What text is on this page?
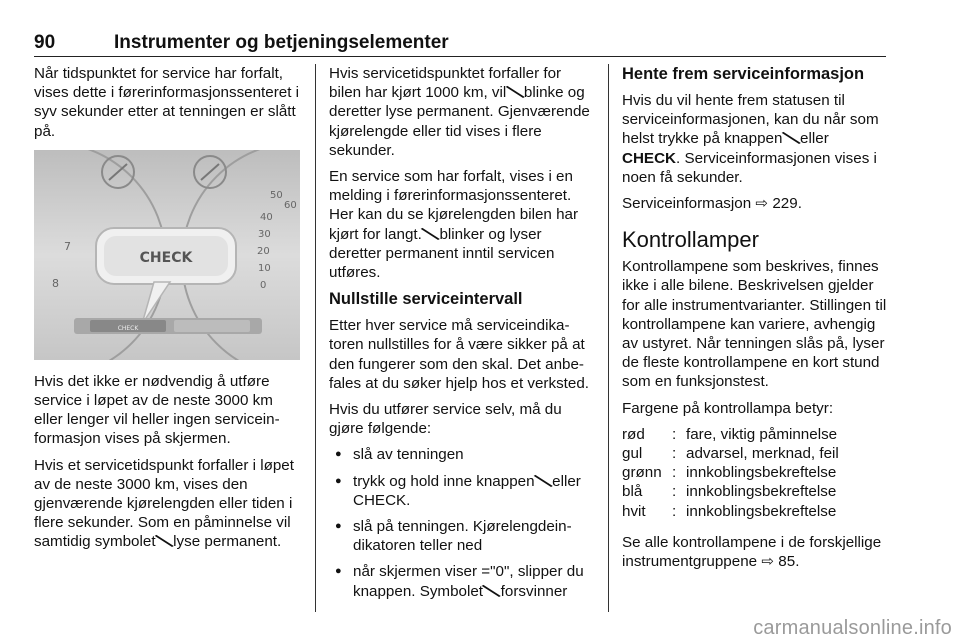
90	Instrumenter og betjeningselementer

Når tidspunktet for service har forfalt, vises dette i førerinformasjonssenteret i syv sekunder etter at tenningen er slått på.

7
8
60
50
40
30
20
10
0
CHECK
CHECK

Hvis det ikke er nødvendig å utføre service i løpet av de neste 3000 km eller lenger vil heller ingen serviceinformasjon vises på skjermen.

Hvis et servicetidspunkt forfaller i løpet av de neste 3000 km, vises den gjenværende kjørelengden eller tiden i flere sekunder. Som en påminnelse vil samtidig symbolet ╲ lyse permanent.

Hvis servicetidspunktet forfaller for bilen har kjørt 1000 km, vil ╲ blinke og deretter lyse permanent. Gjenværende kjørelengde eller tid vises i flere sekunder.

En service som har forfalt, vises i en melding i førerinformasjonssenteret. Her kan du se kjørelengden bilen har kjørt for langt. ╲ blinker og lyser deretter permanent inntil servicen utføres.

Nullstille serviceintervall

Etter hver service må serviceindikatoren nullstilles for å være sikker på at den fungerer som den skal. Det anbefales at du søker hjelp hos et verksted.

Hvis du utfører service selv, må du gjøre følgende:

● slå av tenningen
● trykk og hold inne knappen ╲ eller CHECK.
● slå på tenningen. Kjørelengdeindikatoren teller ned
● når skjermen viser ="0", slipper du knappen. Symbolet ╲ forsvinner
Hente frem serviceinformasjon

Hvis du vil hente frem statusen til serviceinformasjonen, kan du når som helst trykke på knappen ╲ eller CHECK. Serviceinformasjonen vises i noen få sekunder.

Serviceinformasjon ⇨ 229.

Kontrollamper

Kontrollampene som beskrives, finnes ikke i alle bilene. Beskrivelsen gjelder for alle instrumentvarianter. Stillingen til kontrollampene kan variere, avhengig av ustyret. Når tenningen slås på, lyser de fleste kontrollampene en kort stund som en funksjonstest.

Fargene på kontrollampa betyr:

rød	:	fare, viktig påminnelse
gul	:	advarsel, merknad, feil
grønn	:	innkoblingsbekreftelse
blå	:	innkoblingsbekreftelse
hvit	:	innkoblingsbekreftelse

Se alle kontrollampene i de forskjellige instrumentgruppene ⇨ 85.

carmanualsonline.info
